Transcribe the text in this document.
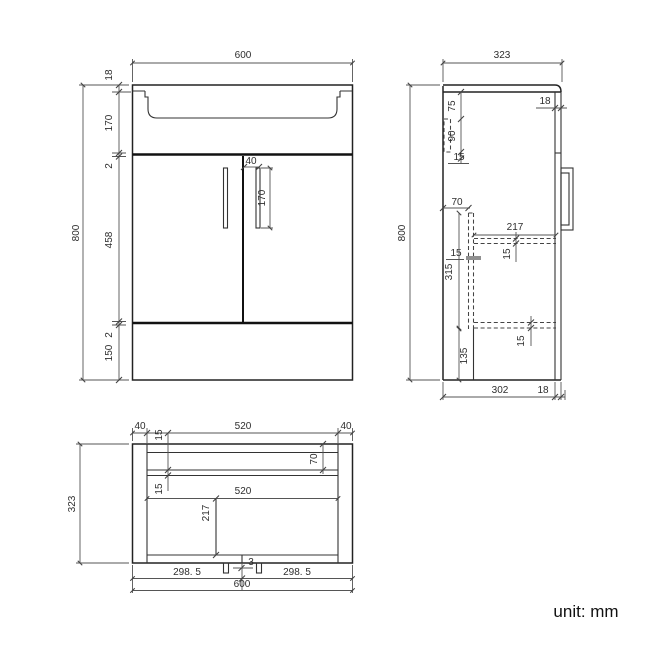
600
800
18
170
2
458
2
150
40
170
323
800
18
75
90
15
70
217
15	15
315
15
135
302	18
40
15
520	40
15
70
520
217
323
3
298. 5	298. 5
600
unit: mm
